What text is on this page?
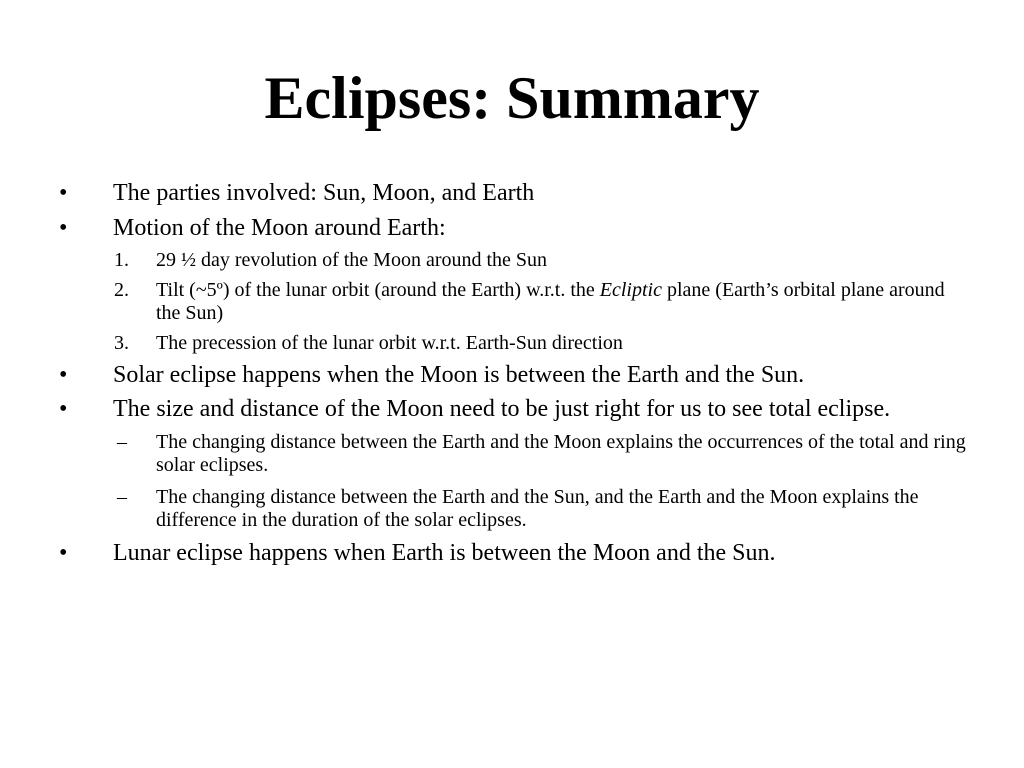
Eclipses: Summary
• The parties involved: Sun, Moon, and Earth
• Motion of the Moon around Earth:
1. 29 ½ day revolution of the Moon around the Sun
2. Tilt (~5º) of the lunar orbit (around the Earth) w.r.t. the Ecliptic plane (Earth’s orbital plane around the Sun)
3. The precession of the lunar orbit w.r.t. Earth-Sun direction
• Solar eclipse happens when the Moon is between the Earth and the Sun.
• The size and distance of the Moon need to be just right for us to see total eclipse.
– The changing distance between the Earth and the Moon explains the occurrences of the total and ring solar eclipses.
– The changing distance between the Earth and the Sun, and the Earth and the Moon explains the difference in the duration of the solar eclipses.
• Lunar eclipse happens when Earth is between the Moon and the Sun.
